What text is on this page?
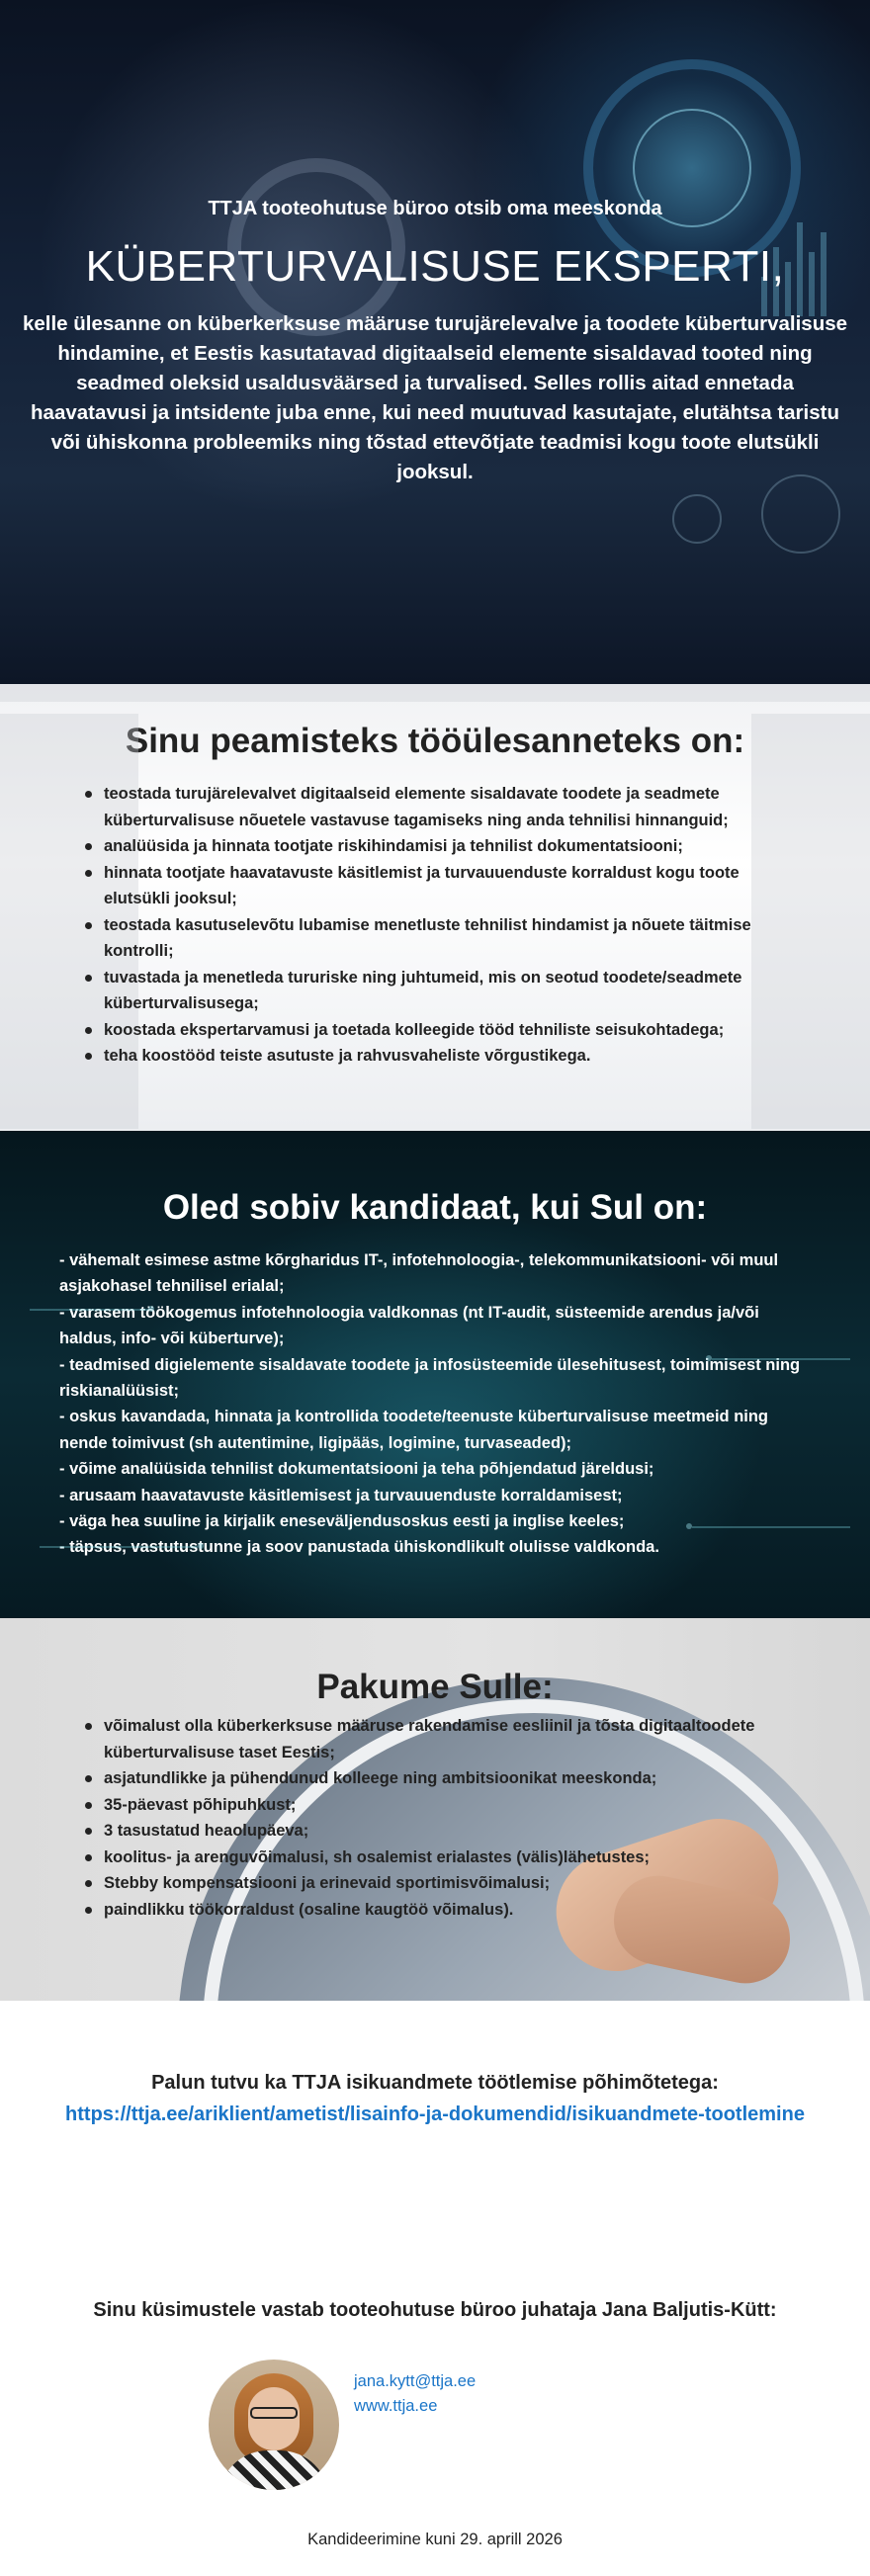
TTJA tooteohutuse büroo otsib oma meeskonda

KÜBERTURVALISUSE EKSPERTI,

kelle ülesanne on küberkerksuse määruse turujärelevalve ja toodete küberturvalisuse hindamine, et Eestis kasutatavad digitaalseid elemente sisaldavad tooted ning seadmed oleksid usaldusväärsed ja turvalised. Selles rollis aitad ennetada haavatavusi ja intsidente juba enne, kui need muutuvad kasutajate, elutähtsa taristu või ühiskonna probleemiks ning tõstad ettevõtjate teadmisi kogu toote elutsükli jooksul.

Sinu peamisteks tööülesanneteks on:
teostada turujärelevalvet digitaalseid elemente sisaldavate toodete ja seadmete küberturvalisuse nõuetele vastavuse tagamiseks ning anda tehnilisi hinnanguid;
analüüsida ja hinnata tootjate riskihindamisi ja tehnilist dokumentatsiooni;
hinnata tootjate haavatavuste käsitlemist ja turvauuenduste korraldust kogu toote elutsükli jooksul;
teostada kasutuselevõtu lubamise menetluste tehnilist hindamist ja nõuete täitmise kontrolli;
tuvastada ja menetleda tururiske ning juhtumeid, mis on seotud toodete/seadmete küberturvalisusega;
koostada ekspertarvamusi ja toetada kolleegide tööd tehniliste seisukohtadega;
teha koostööd teiste asutuste ja rahvusvaheliste võrgustikega.
Oled sobiv kandidaat, kui Sul on:

- vähemalt esimese astme kõrgharidus IT-, infotehnoloogia-, telekommunikatsiooni- või muul asjakohasel tehnilisel erialal;

- varasem töökogemus infotehnoloogia valdkonnas (nt IT-audit, süsteemide arendus ja/või haldus, info- või küberturve);

- teadmised digielemente sisaldavate toodete ja infosüsteemide ülesehitusest, toimimisest ning riskianalüüsist;

- oskus kavandada, hinnata ja kontrollida toodete/teenuste küberturvalisuse meetmeid ning nende toimivust (sh autentimine, ligipääs, logimine, turvaseaded);

- võime analüüsida tehnilist dokumentatsiooni ja teha põhjendatud järeldusi;

- arusaam haavatavuste käsitlemisest ja turvauuenduste korraldamisest;

- väga hea suuline ja kirjalik eneseväljendusoskus eesti ja inglise keeles;

- täpsus, vastutustunne ja soov panustada ühiskondlikult olulisse valdkonda.

Pakume Sulle:
võimalust olla küberkerksuse määruse rakendamise eesliinil ja tõsta digitaaltoodete küberturvalisuse taset Eestis;
asjatundlikke ja pühendunud kolleege ning ambitsioonikat meeskonda;
35-päevast põhipuhkust;
3 tasustatud heaolupäeva;
koolitus- ja arenguvõimalusi, sh osalemist erialastes (välis)lähetustes;
Stebby kompensatsiooni ja erinevaid sportimisvõimalusi;
paindlikku töökorraldust (osaline kaugtöö võimalus).

Palun tutvu ka TTJA isikuandmete töötlemise põhimõtetega:

https://ttja.ee/ariklient/ametist/lisainfo-ja-dokumendid/isikuandmete-tootlemine

Sinu küsimustele vastab tooteohutuse büroo juhataja Jana Baljutis-Kütt:

jana.kytt@ttja.ee
www.ttja.ee

Kandideerimine kuni 29. aprill 2026
